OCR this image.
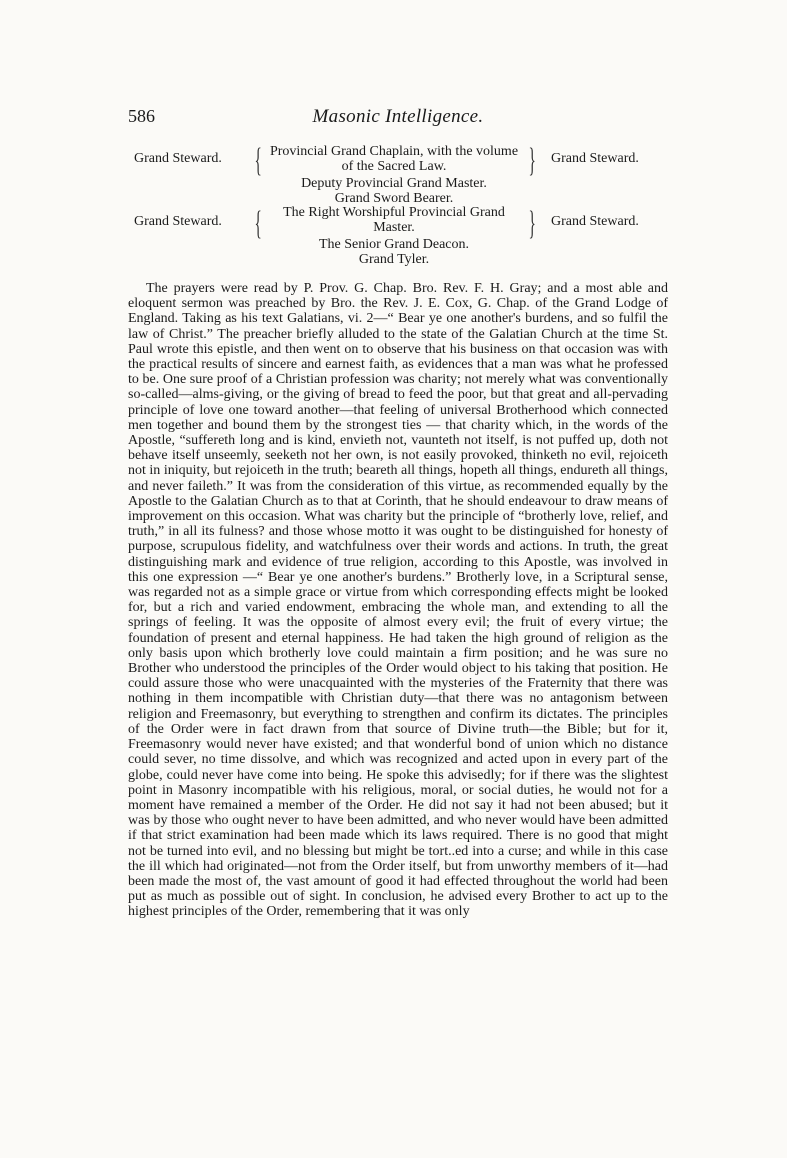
586	Masonic Intelligence.
Grand Steward. { Provincial Grand Chaplain, with the volume of the Sacred Law.	} Grand Steward.
Deputy Provincial Grand Master.
Grand Sword Bearer.
Grand Steward. {	The Right Worshipful Provincial Grand Master.	} Grand Steward.
The Senior Grand Deacon.
Grand Tyler.

The prayers were read by P. Prov. G. Chap. Bro. Rev. F. H. Gray; and a most able and eloquent sermon was preached by Bro. the Rev. J. E. Cox, G. Chap. of the Grand Lodge of England. Taking as his text Galatians, vi. 2—“ Bear ye one another's burdens, and so fulfil the law of Christ.” The preacher briefly alluded to the state of the Galatian Church at the time St. Paul wrote this epistle, and then went on to observe that his business on that occasion was with the practical results of sincere and earnest faith, as evidences that a man was what he professed to be. One sure proof of a Christian profession was charity; not merely what was conventionally so-called—alms-giving, or the giving of bread to feed the poor, but that great and all-pervading principle of love one toward another—that feeling of universal Brotherhood which connected men together and bound them by the strongest ties — that charity which, in the words of the Apostle, “suffereth long and is kind, envieth not, vaunteth not itself, is not puffed up, doth not behave itself unseemly, seeketh not her own, is not easily provoked, thinketh no evil, rejoiceth not in iniquity, but rejoiceth in the truth; beareth all things, hopeth all things, endureth all things, and never faileth.” It was from the consideration of this virtue, as recommended equally by the Apostle to the Galatian Church as to that at Corinth, that he should endeavour to draw means of improvement on this occasion. What was charity but the principle of “brotherly love, relief, and truth,” in all its fulness? and those whose motto it was ought to be distinguished for honesty of purpose, scrupulous fidelity, and watchfulness over their words and actions. In truth, the great distinguishing mark and evidence of true religion, according to this Apostle, was involved in this one expression —“ Bear ye one another's burdens.” Brotherly love, in a Scriptural sense, was regarded not as a simple grace or virtue from which corresponding effects might be looked for, but a rich and varied endowment, embracing the whole man, and extending to all the springs of feeling. It was the opposite of almost every evil; the fruit of every virtue; the foundation of present and eternal happiness. He had taken the high ground of religion as the only basis upon which brotherly love could maintain a firm position; and he was sure no Brother who understood the principles of the Order would object to his taking that position. He could assure those who were unacquainted with the mysteries of the Fraternity that there was nothing in them incompatible with Christian duty—that there was no antagonism between religion and Freemasonry, but everything to strengthen and confirm its dictates. The principles of the Order were in fact drawn from that source of Divine truth—the Bible; but for it, Freemasonry would never have existed; and that wonderful bond of union which no distance could sever, no time dissolve, and which was recognized and acted upon in every part of the globe, could never have come into being. He spoke this advisedly; for if there was the slightest point in Masonry incompatible with his religious, moral, or social duties, he would not for a moment have remained a member of the Order. He did not say it had not been abused; but it was by those who ought never to have been admitted, and who never would have been admitted if that strict examination had been made which its laws required. There is no good that might not be turned into evil, and no blessing but might be tort..ed into a curse; and while in this case the ill which had originated—not from the Order itself, but from unworthy members of it—had been made the most of, the vast amount of good it had effected throughout the world had been put as much as possible out of sight. In conclusion, he advised every Brother to act up to the highest principles of the Order, remembering that it was only
